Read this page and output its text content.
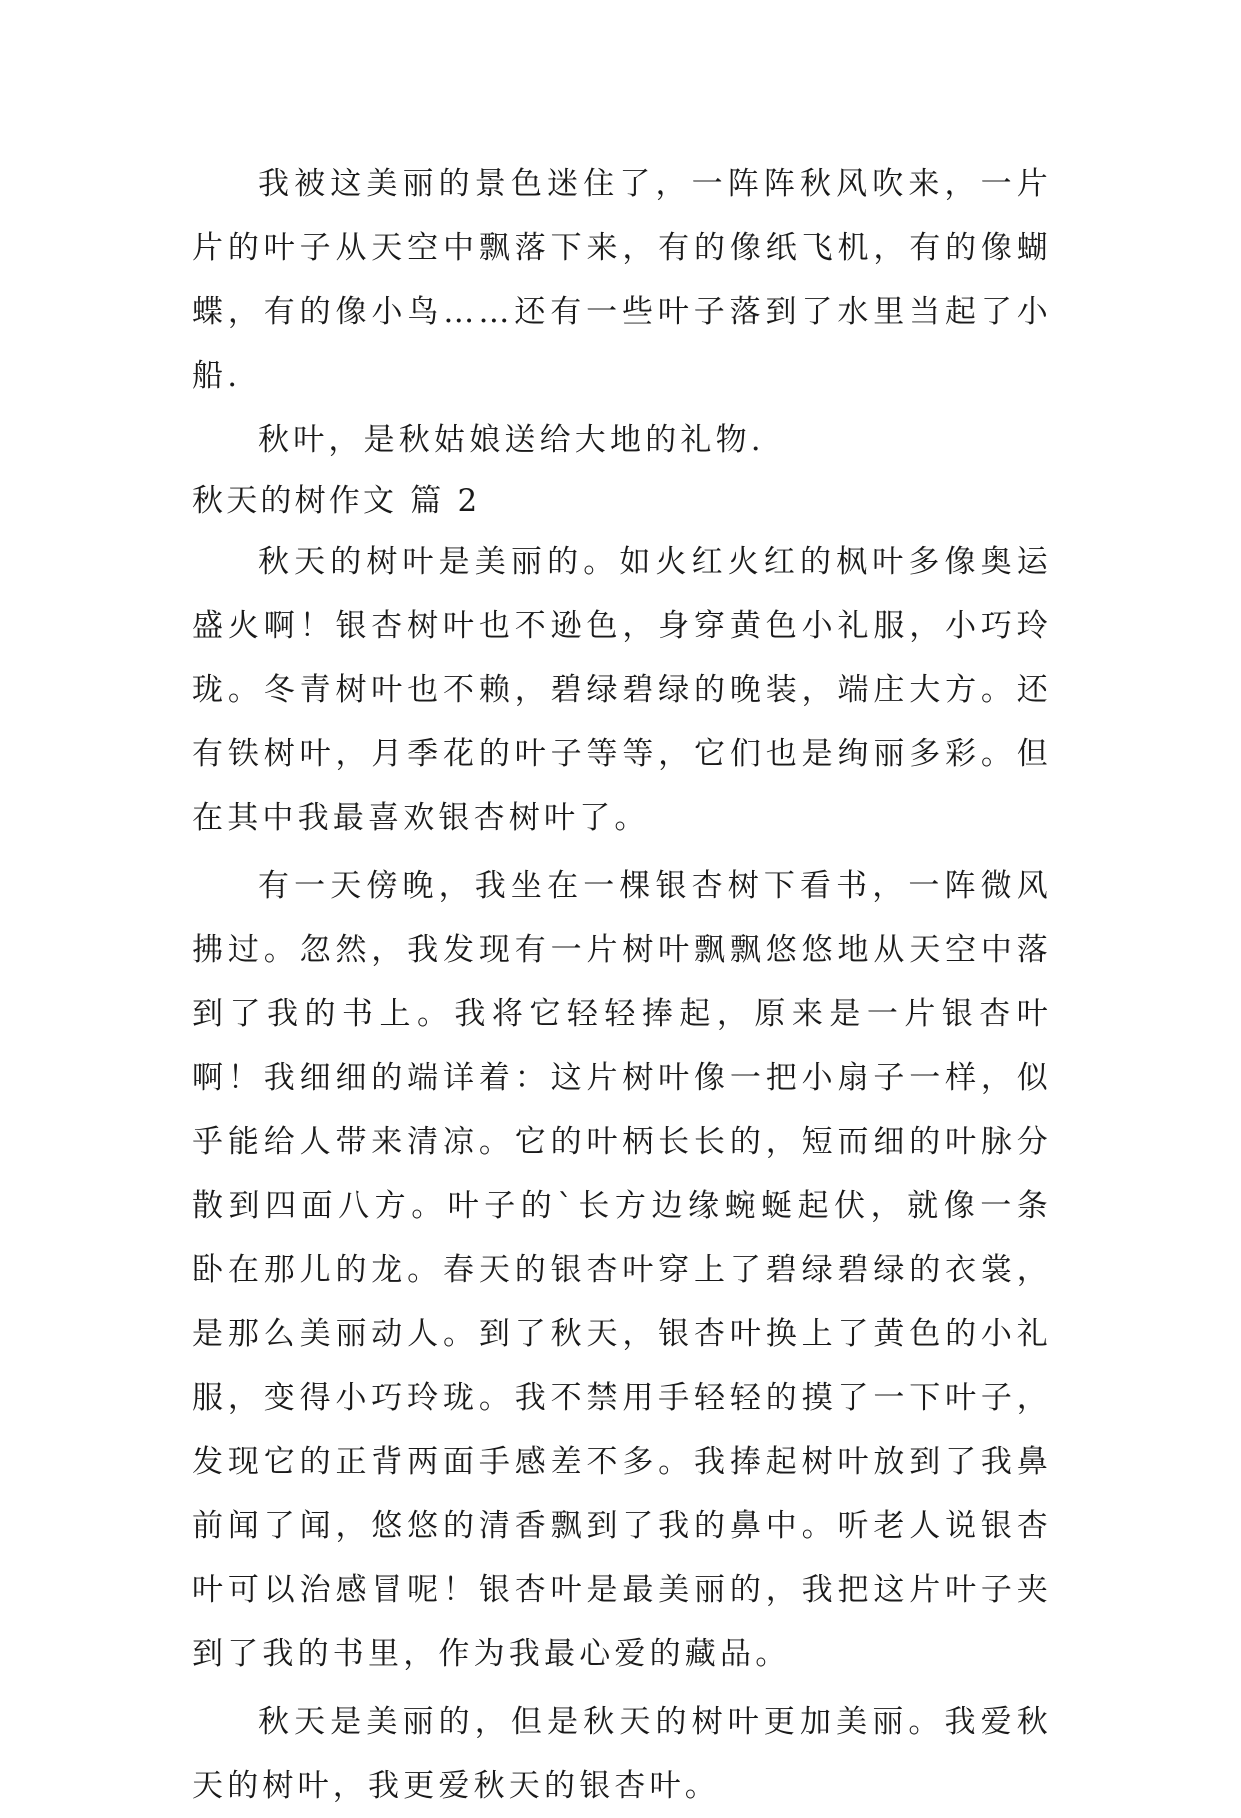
我被这美丽的景色迷住了，一阵阵秋风吹来，一片片的叶子从天空中飘落下来，有的像纸飞机，有的像蝴蝶，有的像小鸟……还有一些叶子落到了水里当起了小船.

秋叶，是秋姑娘送给大地的礼物.

秋天的树作文 篇 2

秋天的树叶是美丽的。如火红火红的枫叶多像奥运盛火啊！银杏树叶也不逊色，身穿黄色小礼服，小巧玲珑。冬青树叶也不赖，碧绿碧绿的晚装，端庄大方。还有铁树叶，月季花的叶子等等，它们也是绚丽多彩。但在其中我最喜欢银杏树叶了。

有一天傍晚，我坐在一棵银杏树下看书，一阵微风拂过。忽然，我发现有一片树叶飘飘悠悠地从天空中落到了我的书上。我将它轻轻捧起，原来是一片银杏叶啊！我细细的端详着：这片树叶像一把小扇子一样，似乎能给人带来清凉。它的叶柄长长的，短而细的叶脉分散到四面八方。叶子的`长方边缘蜿蜒起伏，就像一条卧在那儿的龙。春天的银杏叶穿上了碧绿碧绿的衣裳，是那么美丽动人。到了秋天，银杏叶换上了黄色的小礼服，变得小巧玲珑。我不禁用手轻轻的摸了一下叶子，发现它的正背两面手感差不多。我捧起树叶放到了我鼻前闻了闻，悠悠的清香飘到了我的鼻中。听老人说银杏叶可以治感冒呢！银杏叶是最美丽的，我把这片叶子夹到了我的书里，作为我最心爱的藏品。

秋天是美丽的，但是秋天的树叶更加美丽。我爱秋天的树叶，我更爱秋天的银杏叶。
